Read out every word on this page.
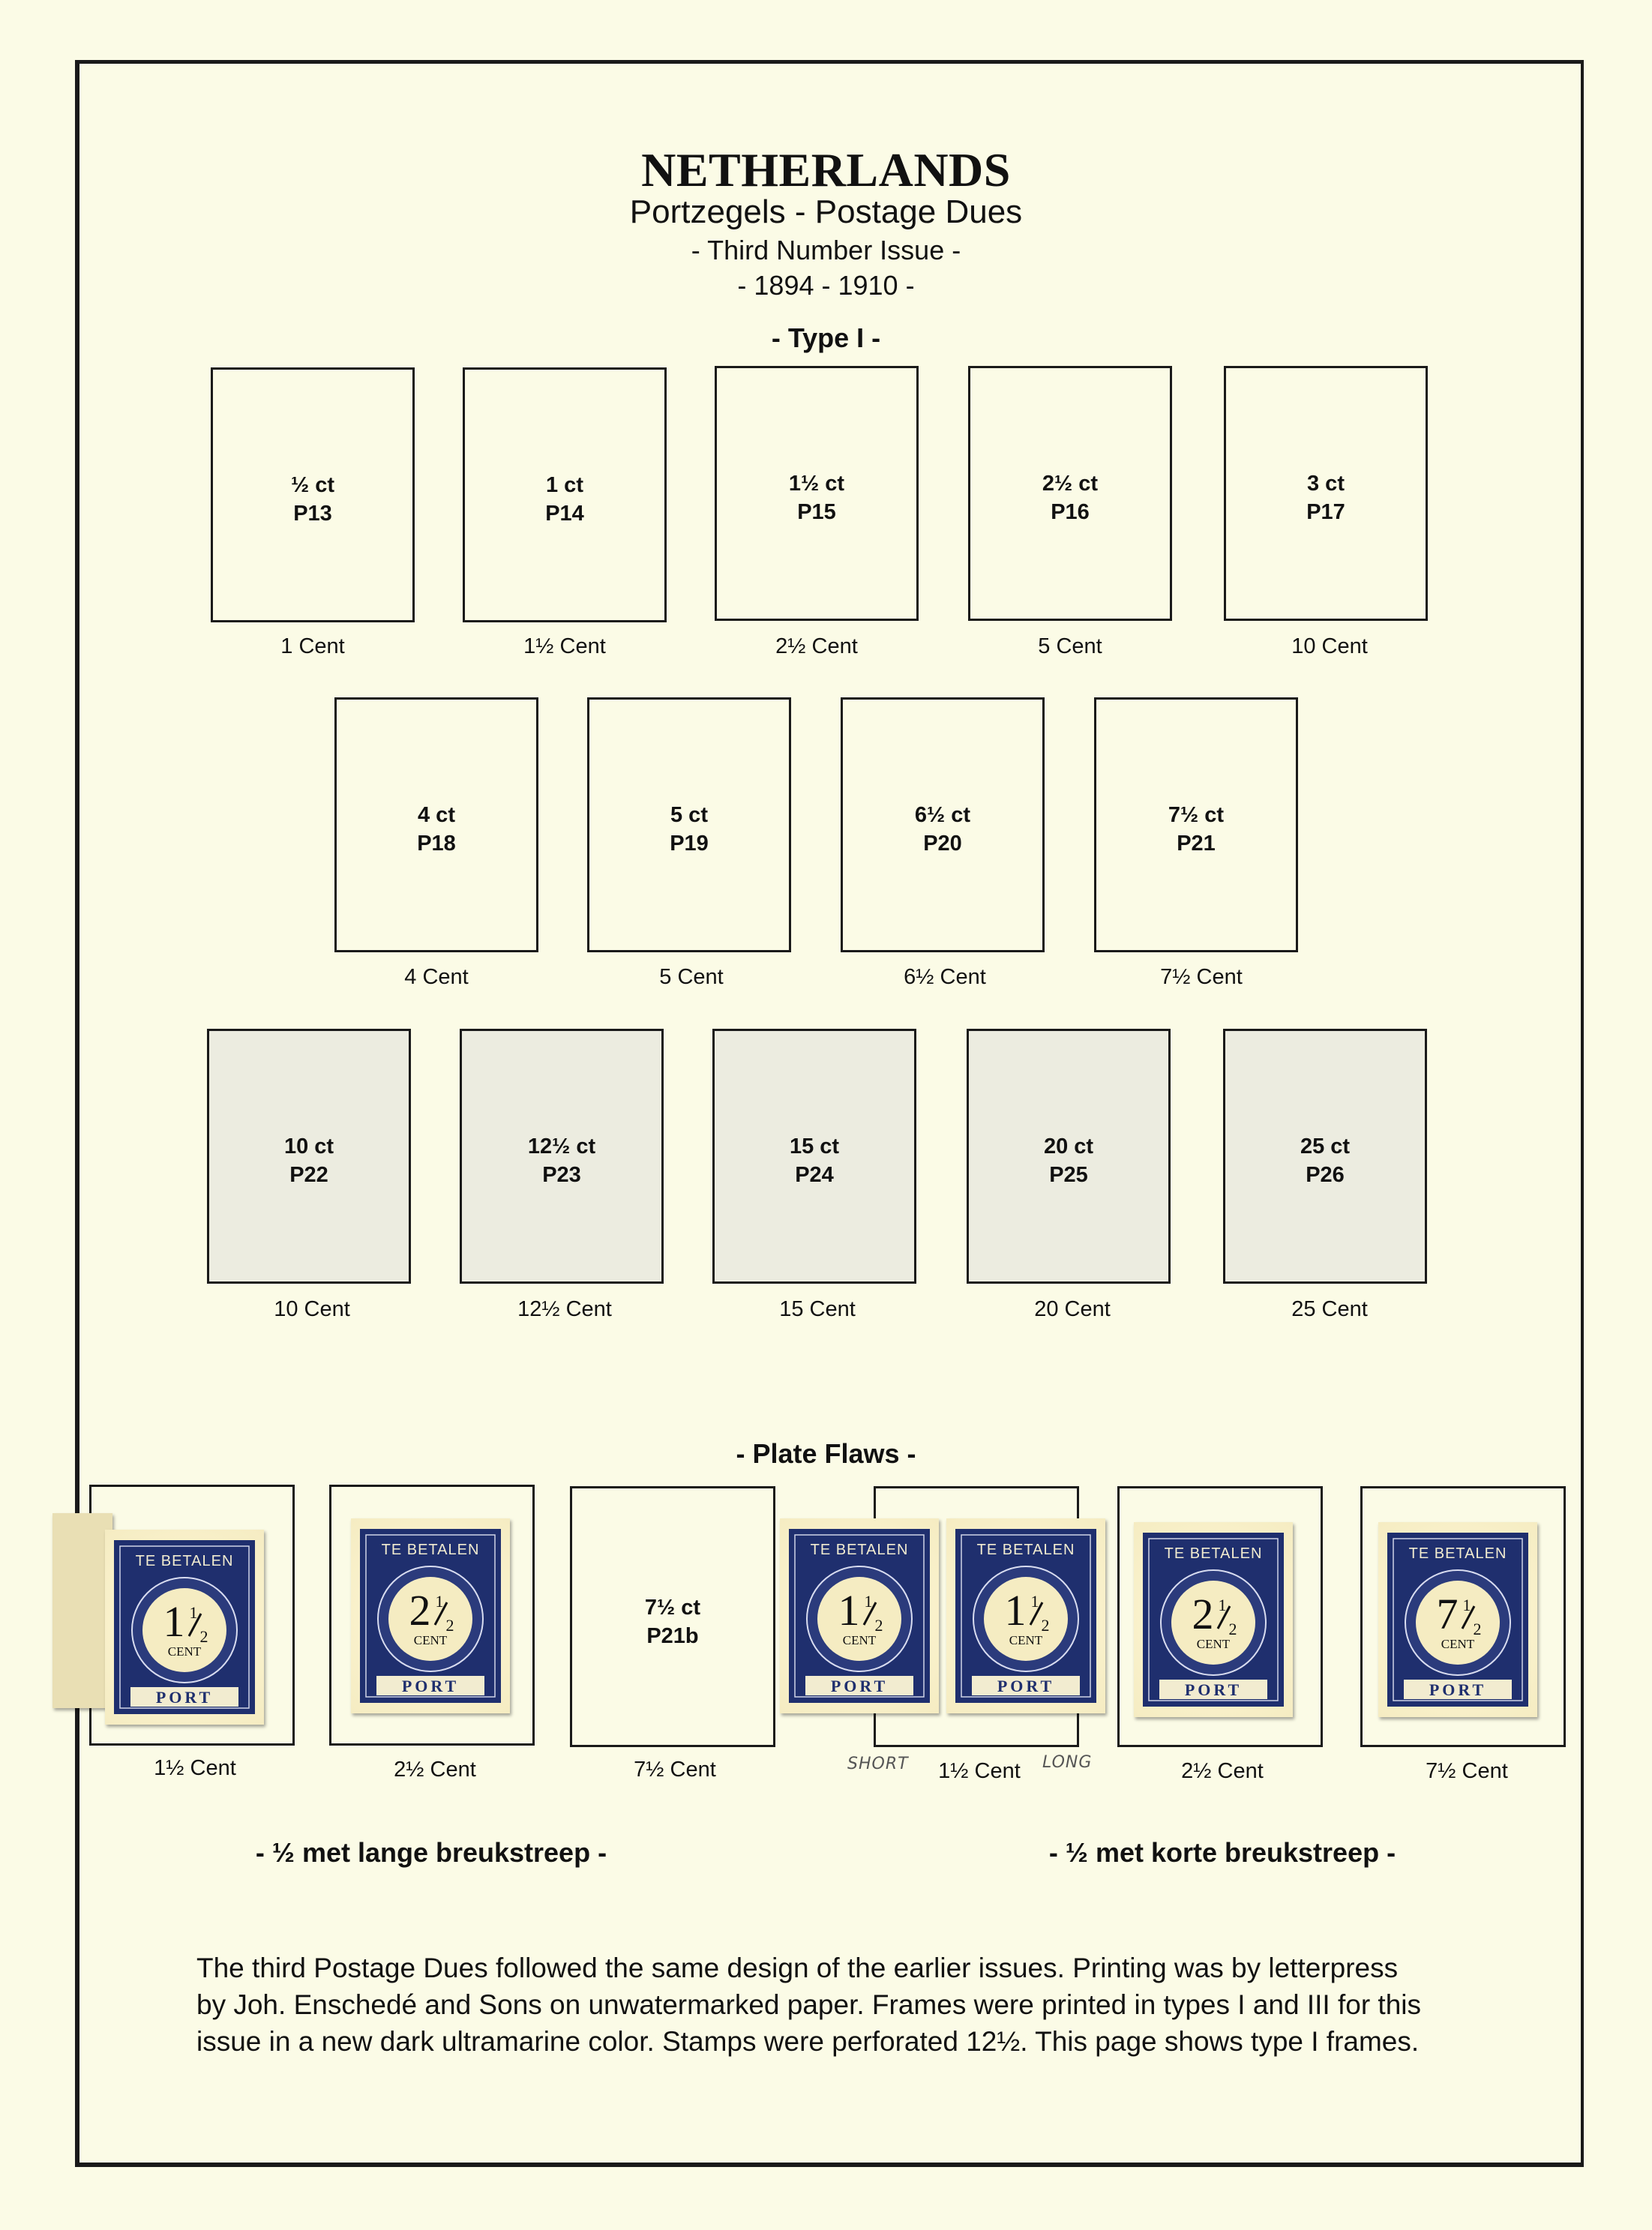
NETHERLANDS
Portzegels - Postage Dues
- Third Number Issue -
- 1894 - 1910 -
- Type I -
½ ct
P13
1 ct
P14
1½ ct
P15
2½ ct
P16
3 ct
P17
1 Cent	1½ Cent	2½ Cent	5 Cent	10 Cent
4 ct
P18
5 ct
P19
6½ ct
P20
7½ ct
P21
4 Cent	5 Cent	6½ Cent	7½ Cent
10 ct
P22
12½ ct
P23
15 ct
P24
20 ct
P25
25 ct
P26
10 Cent	12½ Cent	15 Cent	20 Cent	25 Cent
- Plate Flaws -
7½ ct
P21b
TE BETALEN
1 1
2
CENT
PORT
TE BETALEN
2 1
2
CENT
PORT
TE BETALEN
1 1
2
CENT
PORT
TE BETALEN
1 1
2
CENT
PORT
TE BETALEN
2 1
2
CENT
PORT
TE BETALEN
7 1
2
CENT
PORT
1½ Cent	2½ Cent	7½ Cent	1½ Cent	2½ Cent	7½ Cent
SHORT	LONG
- ½ met lange breukstreep -	- ½ met korte breukstreep -
The third Postage Dues followed the same design of the earlier issues. Printing was by letterpress
by Joh. Enschedé and Sons on unwatermarked paper. Frames were printed in types I and III for this
issue in a new dark ultramarine color. Stamps were perforated 12½. This page shows type I frames.
